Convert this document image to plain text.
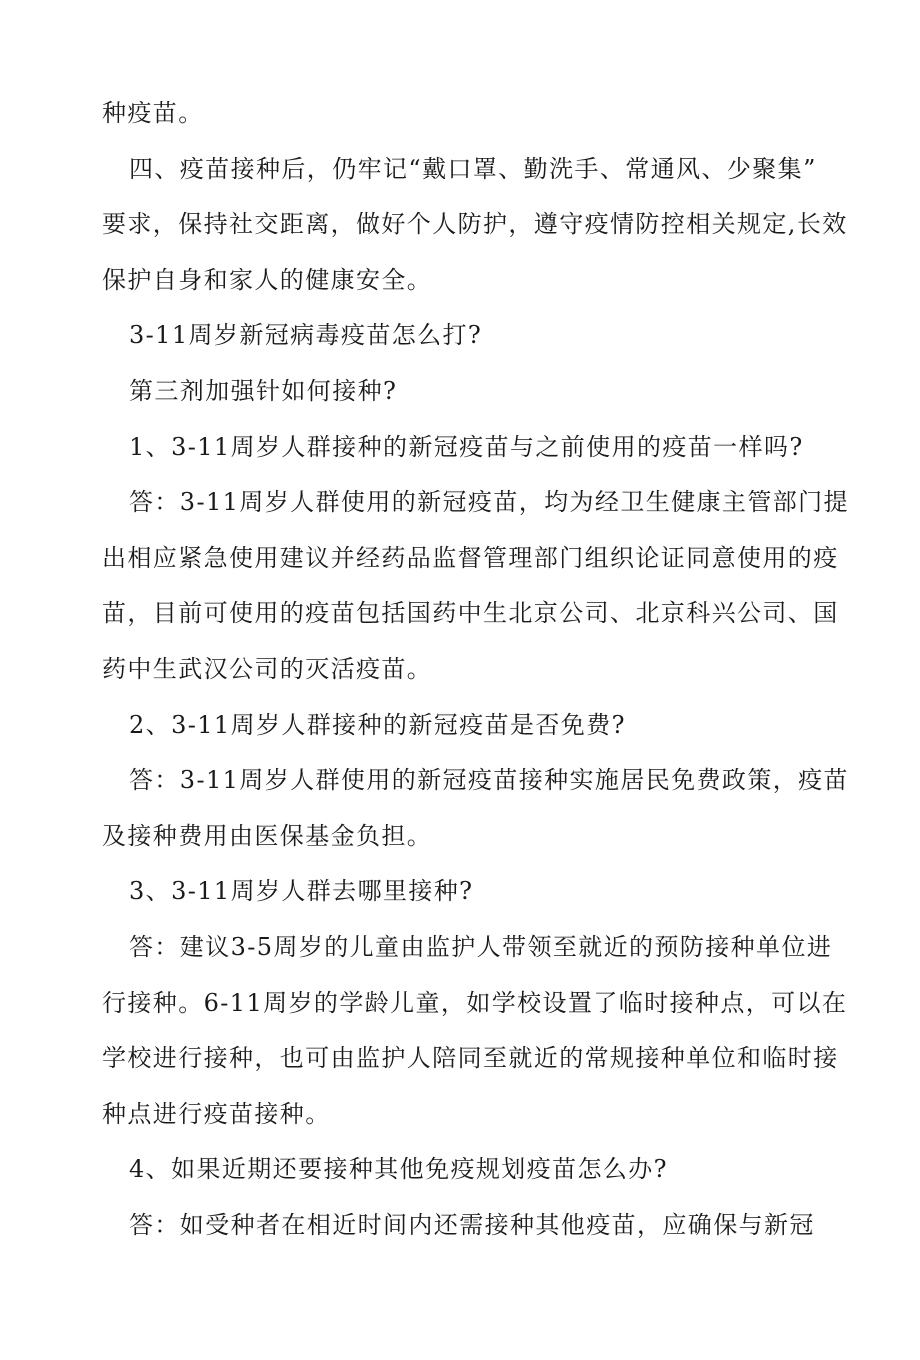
种疫苗。
四、疫苗接种后，仍牢记“戴口罩、勤洗手、常通风、少聚集”
要求，保持社交距离，做好个人防护，遵守疫情防控相关规定,长效
保护自身和家人的健康安全。
3-11周岁新冠病毒疫苗怎么打?
第三剂加强针如何接种?
1、3-11周岁人群接种的新冠疫苗与之前使用的疫苗一样吗?
答：3-11周岁人群使用的新冠疫苗，均为经卫生健康主管部门提
出相应紧急使用建议并经药品监督管理部门组织论证同意使用的疫
苗，目前可使用的疫苗包括国药中生北京公司、北京科兴公司、国
药中生武汉公司的灭活疫苗。
2、3-11周岁人群接种的新冠疫苗是否免费?
答：3-11周岁人群使用的新冠疫苗接种实施居民免费政策，疫苗
及接种费用由医保基金负担。
3、3-11周岁人群去哪里接种?
答：建议3-5周岁的儿童由监护人带领至就近的预防接种单位进
行接种。6-11周岁的学龄儿童，如学校设置了临时接种点，可以在
学校进行接种，也可由监护人陪同至就近的常规接种单位和临时接
种点进行疫苗接种。
4、如果近期还要接种其他免疫规划疫苗怎么办?
答：如受种者在相近时间内还需接种其他疫苗，应确保与新冠
